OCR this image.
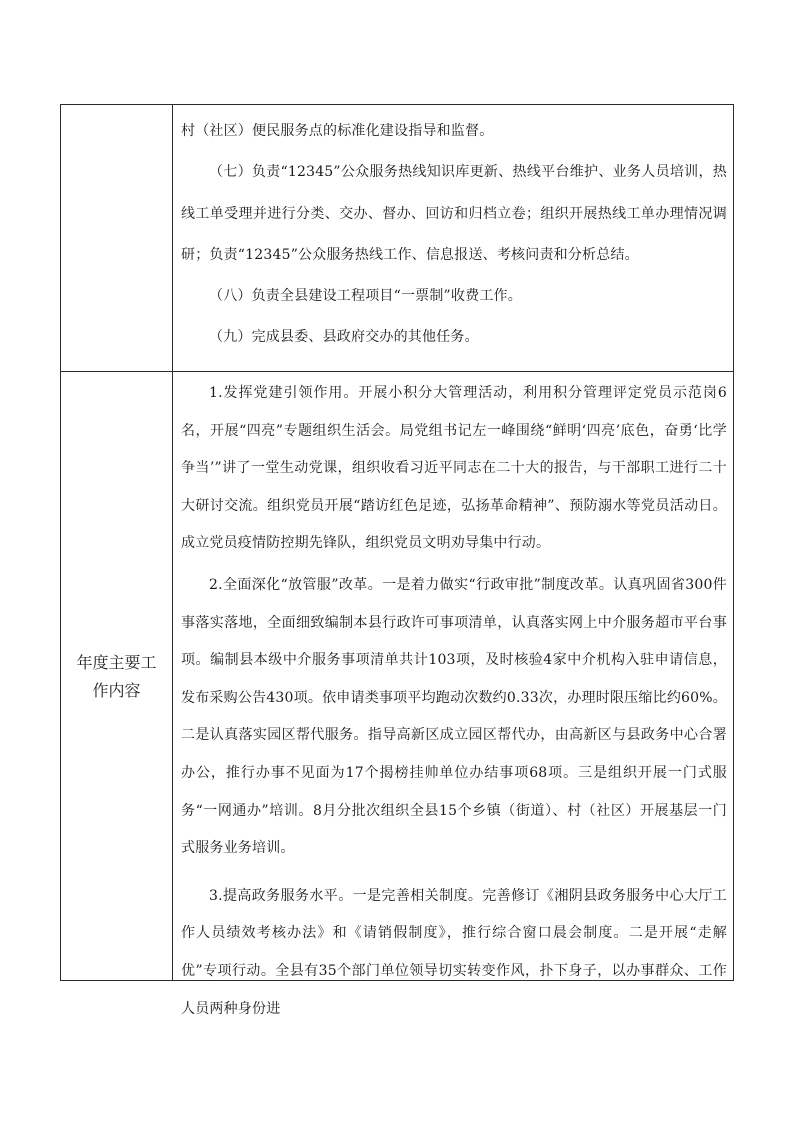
村（社区）便民服务点的标准化建设指导和监督。

（七）负责“12345”公众服务热线知识库更新、热线平台维护、业务人员培训，热线工单受理并进行分类、交办、督办、回访和归档立卷；组织开展热线工单办理情况调研；负责“12345”公众服务热线工作、信息报送、考核问责和分析总结。

（八）负责全县建设工程项目“一票制”收费工作。

（九）完成县委、县政府交办的其他任务。

年度主要工作内容

1.发挥党建引领作用。开展小积分大管理活动，利用积分管理评定党员示范岗6名，开展“四亮”专题组织生活会。局党组书记左一峰围绕“鲜明‘四亮’底色，奋勇‘比学争当’”讲了一堂生动党课，组织收看习近平同志在二十大的报告，与干部职工进行二十大研讨交流。组织党员开展“踏访红色足迹，弘扬革命精神”、预防溺水等党员活动日。成立党员疫情防控期先锋队，组织党员文明劝导集中行动。

2.全面深化“放管服”改革。一是着力做实“行政审批”制度改革。认真巩固省300件事落实落地，全面细致编制本县行政许可事项清单，认真落实网上中介服务超市平台事项。编制县本级中介服务事项清单共计103项，及时核验4家中介机构入驻申请信息，发布采购公告430项。依申请类事项平均跑动次数约0.33次，办理时限压缩比约60%。二是认真落实园区帮代服务。指导高新区成立园区帮代办，由高新区与县政务中心合署办公，推行办事不见面为17个揭榜挂帅单位办结事项68项。三是组织开展一门式服务“一网通办”培训。8月分批次组织全县15个乡镇（街道）、村（社区）开展基层一门式服务业务培训。

3.提高政务服务水平。一是完善相关制度。完善修订《湘阴县政务服务中心大厅工作人员绩效考核办法》和《请销假制度》，推行综合窗口晨会制度。二是开展“走解优”专项行动。全县有35个部门单位领导切实转变作风，扑下身子，以办事群众、工作人员两种身份进
